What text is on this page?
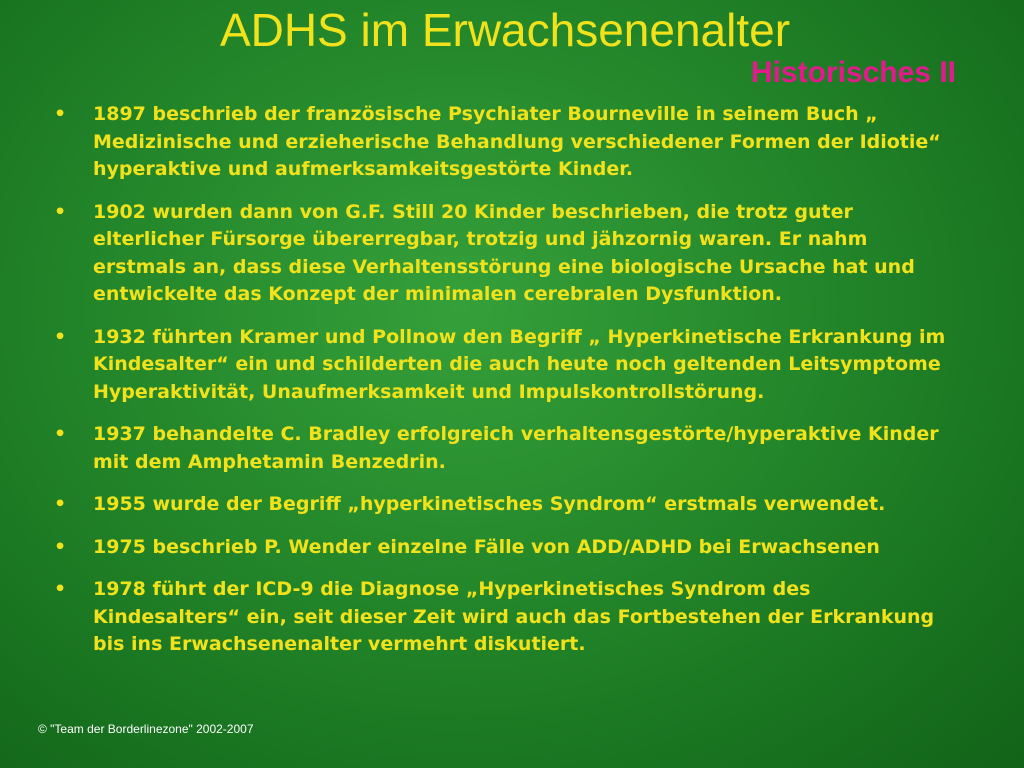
ADHS im Erwachsenenalter
Historisches II
• 1897 beschrieb der französische Psychiater Bourneville in seinem Buch „ Medizinische und erzieherische Behandlung verschiedener Formen der Idiotie“ hyperaktive und aufmerksamkeitsgestörte Kinder.
• 1902 wurden dann von G.F. Still 20 Kinder beschrieben, die trotz guter elterlicher Fürsorge übererregbar, trotzig und jähzornig waren. Er nahm erstmals an, dass diese Verhaltensstörung eine biologische Ursache hat und entwickelte das Konzept der minimalen cerebralen Dysfunktion.
• 1932 führten Kramer und Pollnow den Begriff „ Hyperkinetische Erkrankung im Kindesalter“ ein und schilderten die auch heute noch geltenden Leitsymptome Hyperaktivität, Unaufmerksamkeit und Impulskontrollstörung.
• 1937 behandelte C. Bradley erfolgreich verhaltensgestörte/hyperaktive Kinder mit dem Amphetamin Benzedrin.
• 1955 wurde der Begriff „hyperkinetisches Syndrom“ erstmals verwendet.
• 1975 beschrieb P. Wender einzelne Fälle von ADD/ADHD bei Erwachsenen
• 1978 führt der ICD-9 die Diagnose „Hyperkinetisches Syndrom des Kindesalters“ ein, seit dieser Zeit wird auch das Fortbestehen der Erkrankung bis ins Erwachsenenalter vermehrt diskutiert.

© "Team der Borderlinezone" 2002-2007
